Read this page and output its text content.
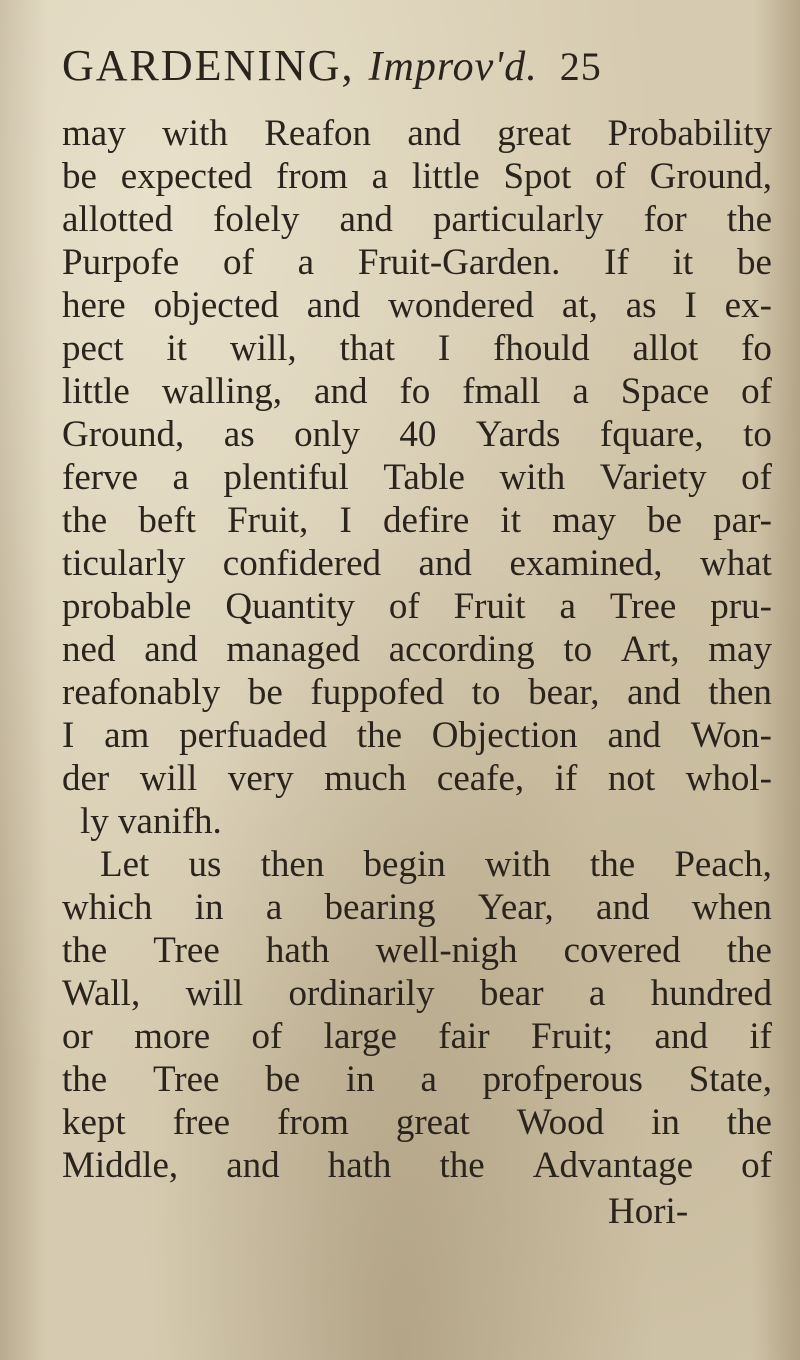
GARDENING, Improv'd. 25
may with Reafon and great Probability
be expected from a little Spot of Ground,
allotted folely and particularly for the
Purpofe of a Fruit-Garden. If it be
here objected and wondered at, as I ex-
pect it will, that I fhould allot fo
little walling, and fo fmall a Space of
Ground, as only 40 Yards fquare, to
ferve a plentiful Table with Variety of
the beft Fruit, I defire it may be par-
ticularly confidered and examined, what
probable Quantity of Fruit a Tree pru-
ned and managed according to Art, may
reafonably be fuppofed to bear, and then
I am perfuaded the Objection and Won-
der will very much ceafe, if not whol-
ly vanifh.
Let us then begin with the Peach,
which in a bearing Year, and when
the Tree hath well-nigh covered the
Wall, will ordinarily bear a hundred
or more of large fair Fruit; and if
the Tree be in a profperous State,
kept free from great Wood in the
Middle, and hath the Advantage of
Hori-
